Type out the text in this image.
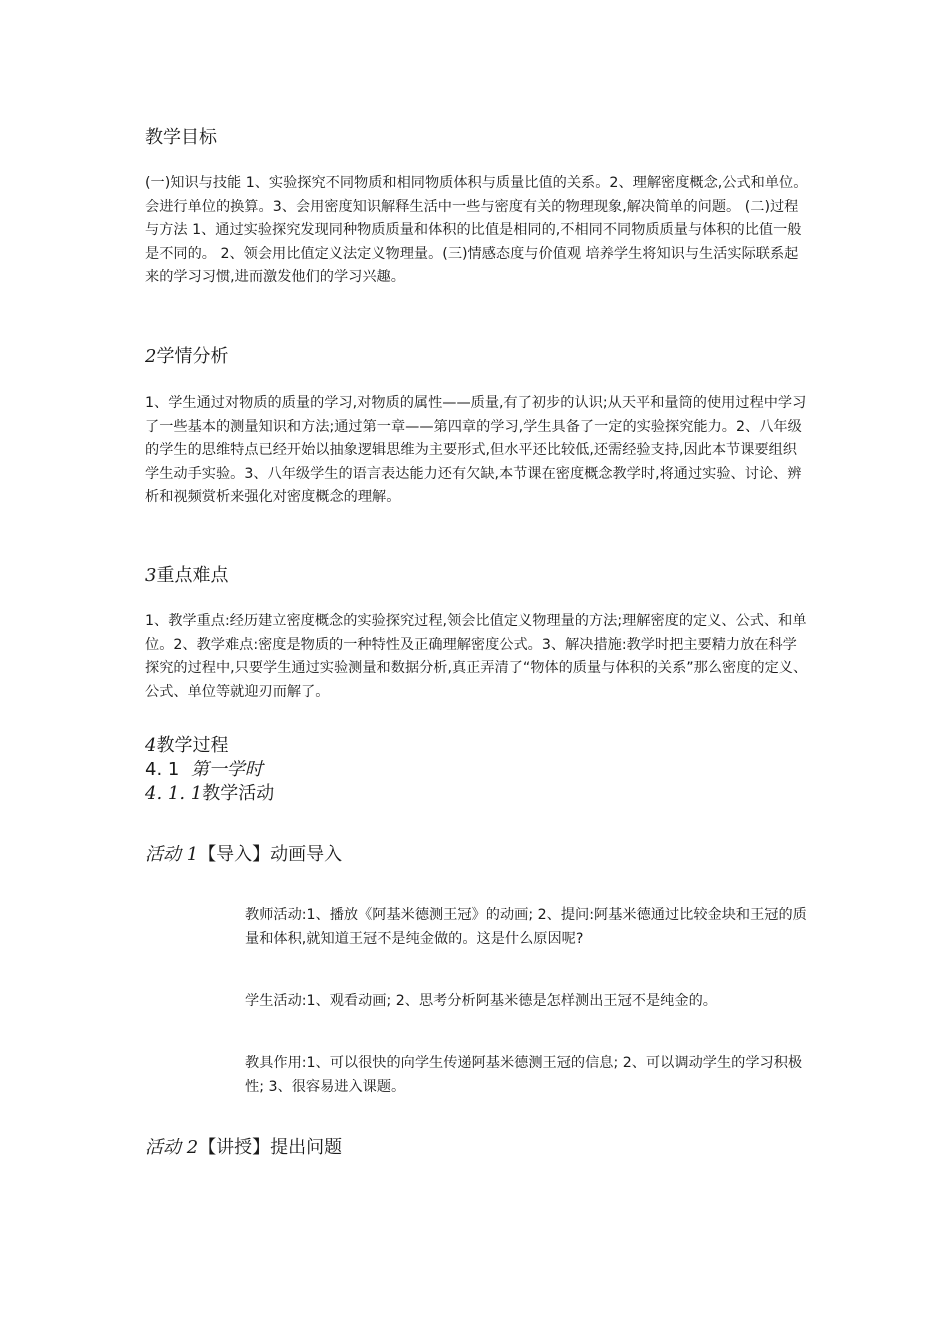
教学目标

(一)知识与技能 1、实验探究不同物质和相同物质体积与质量比值的关系。2、理解密度概念,公式和单位。会进行单位的换算。3、会用密度知识解释生活中一些与密度有关的物理现象,解决简单的问题。 (二)过程与方法 1、通过实验探究发现同种物质质量和体积的比值是相同的,不相同不同物质质量与体积的比值一般是不同的。 2、领会用比值定义法定义物理量。(三)情感态度与价值观 培养学生将知识与生活实际联系起来的学习习惯,进而激发他们的学习兴趣。

2学情分析

1、学生通过对物质的质量的学习,对物质的属性——质量,有了初步的认识;从天平和量筒的使用过程中学习了一些基本的测量知识和方法;通过第一章——第四章的学习,学生具备了一定的实验探究能力。2、八年级的学生的思维特点已经开始以抽象逻辑思维为主要形式,但水平还比较低,还需经验支持,因此本节课要组织学生动手实验。3、八年级学生的语言表达能力还有欠缺,本节课在密度概念教学时,将通过实验、讨论、辨析和视频赏析来强化对密度概念的理解。

3重点难点

1、教学重点:经历建立密度概念的实验探究过程,领会比值定义物理量的方法;理解密度的定义、公式、和单位。2、教学难点:密度是物质的一种特性及正确理解密度公式。3、解决措施:教学时把主要精力放在科学探究的过程中,只要学生通过实验测量和数据分析,真正弄清了“物体的质量与体积的关系”那么密度的定义、公式、单位等就迎刃而解了。

4教学过程
4. 1 第一学时
4. 1. 1教学活动
活动 1【导入】动画导入

教师活动:1、播放《阿基米德测王冠》的动画; 2、提问:阿基米德通过比较金块和王冠的质量和体积,就知道王冠不是纯金做的。这是什么原因呢?

学生活动:1、观看动画; 2、思考分析阿基米德是怎样测出王冠不是纯金的。

教具作用:1、可以很快的向学生传递阿基米德测王冠的信息; 2、可以调动学生的学习积极性; 3、很容易进入课题。

活动 2【讲授】提出问题
